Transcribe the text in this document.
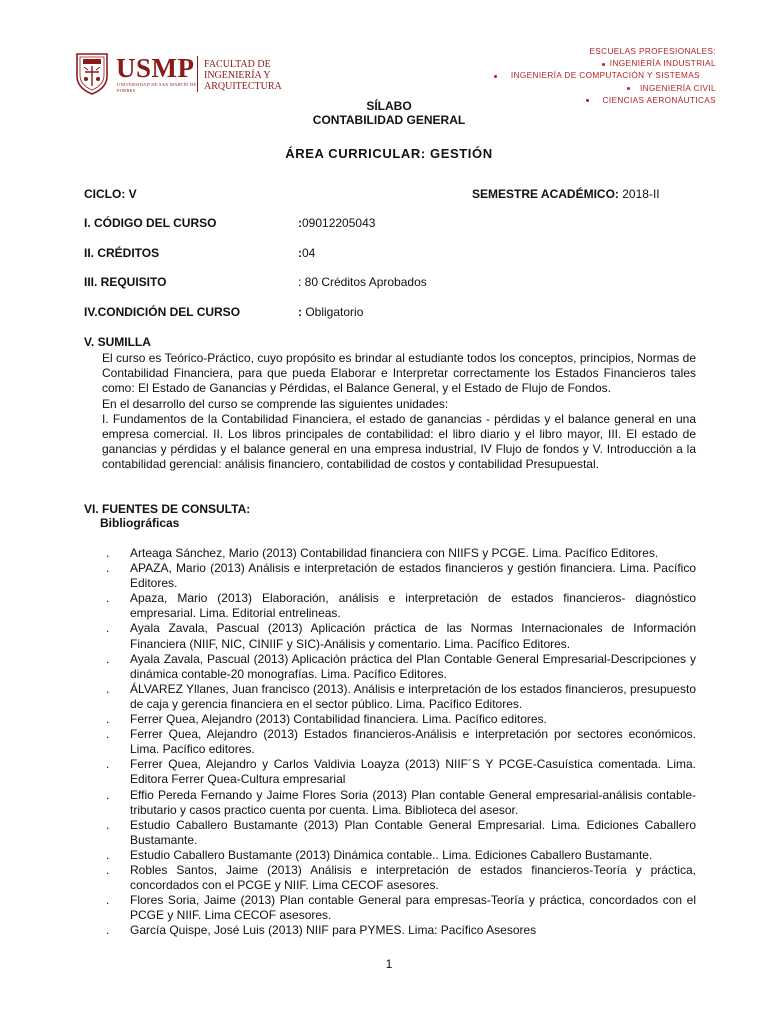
USMP
UNIVERSIDAD DE SAN MARTÍN DE PORRES
FACULTAD DE
INGENIERÍA Y ARQUITECTURA
ESCUELAS PROFESIONALES:
INGENIERÍA INDUSTRIAL
INGENIERÍA DE COMPUTACIÓN Y SISTEMAS
INGENIERÍA CIVIL
CIENCIAS AERONÁUTICAS
SÍLABO
CONTABILIDAD GENERAL
ÁREA CURRICULAR: GESTIÓN
CICLO: V	SEMESTRE ACADÉMICO: 2018-II
I. CÓDIGO DEL CURSO	:09012205043
II. CRÉDITOS	:04
III. REQUISITO	: 80 Créditos Aprobados
IV.CONDICIÓN DEL CURSO	: Obligatorio
V. SUMILLA

El curso es Teórico-Práctico, cuyo propósito es brindar al estudiante todos los conceptos, principios, Normas de Contabilidad Financiera, para que pueda Elaborar e Interpretar correctamente los Estados Financieros tales como: El Estado de Ganancias y Pérdidas, el Balance General, y el Estado de Flujo de Fondos.

En el desarrollo del curso se comprende las siguientes unidades:

I. Fundamentos de la Contabilidad Financiera, el estado de ganancias - pérdidas y el balance general en una empresa comercial. II. Los libros principales de contabilidad: el libro diario y el libro mayor, III. El estado de ganancias y pérdidas y el balance general en una empresa industrial, IV Flujo de fondos y V. Introducción a la contabilidad gerencial: análisis financiero, contabilidad de costos y contabilidad Presupuestal.

VI. FUENTES DE CONSULTA:
Bibliográficas
. Arteaga Sánchez, Mario (2013) Contabilidad financiera con NIIFS y PCGE. Lima. Pacífico Editores.
. APAZA, Mario (2013) Análisis e interpretación de estados financieros y gestión financiera. Lima. Pacífico Editores.
. Apaza, Mario (2013) Elaboración, análisis e interpretación de estados financieros- diagnóstico empresarial. Lima. Editorial entrelineas.
. Ayala Zavala, Pascual (2013) Aplicación práctica de las Normas Internacionales de Información Financiera (NIIF, NIC, CINIIF y SIC)-Análisis y comentario. Lima. Pacífico Editores.
. Ayala Zavala, Pascual (2013) Aplicación práctica del Plan Contable General Empresarial-Descripciones y dinámica contable-20 monografías. Lima. Pacífico Editores.
. ÁLVAREZ Yllanes, Juan francisco (2013). Análisis e interpretación de los estados financieros, presupuesto de caja y gerencia financiera en el sector público. Lima. Pacífico Editores.
. Ferrer Quea, Alejandro (2013) Contabilidad financiera. Lima. Pacífico editores.
. Ferrer Quea, Alejandro (2013) Estados financieros-Análisis e interpretación por sectores económicos. Lima. Pacífico editores.
. Ferrer Quea, Alejandro y Carlos Valdivia Loayza (2013) NIIF´S Y PCGE-Casuística comentada. Lima. Editora Ferrer Quea-Cultura empresarial
. Effio Pereda Fernando y Jaime Flores Soria (2013) Plan contable General empresarial-análisis contable-tributario y casos practico cuenta por cuenta. Lima. Biblioteca del asesor.
. Estudio Caballero Bustamante (2013) Plan Contable General Empresarial. Lima. Ediciones Caballero Bustamante.
. Estudio Caballero Bustamante (2013) Dinámica contable.. Lima. Ediciones Caballero Bustamante.
. Robles Santos, Jaime (2013) Análisis e interpretación de estados financieros-Teoría y práctica, concordados con el PCGE y NIIF. Lima CECOF asesores.
. Flores Soria, Jaime (2013) Plan contable General para empresas-Teoría y práctica, concordados con el PCGE y NIIF. Lima CECOF asesores.
. García Quispe, José Luis (2013) NIIF para PYMES. Lima: Pacífico Asesores
1
